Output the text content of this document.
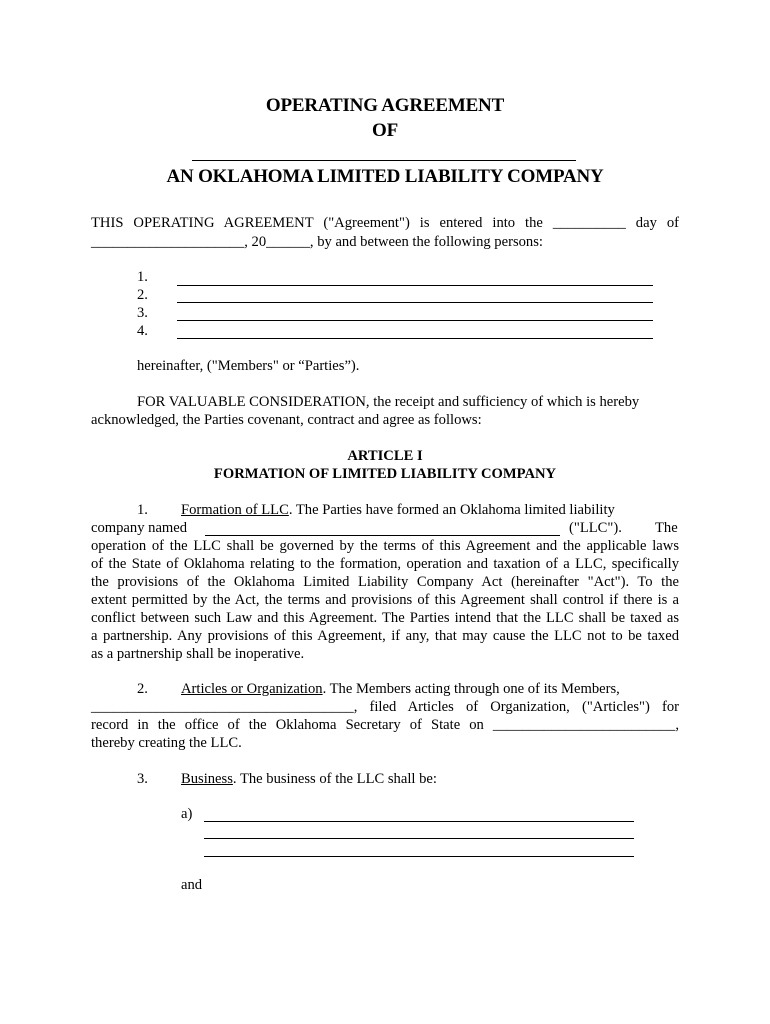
OPERATING AGREEMENT
OF
AN OKLAHOMA LIMITED LIABILITY COMPANY
THIS OPERATING AGREEMENT ("Agreement") is entered into the __________ day of
_____________________, 20______, by and between the following persons:
1.
2.
3.
4.
hereinafter, ("Members" or “Parties”).
FOR VALUABLE CONSIDERATION, the receipt and sufficiency of which is hereby
acknowledged, the Parties covenant, contract and agree as follows:
ARTICLE I
FORMATION OF LIMITED LIABILITY COMPANY
1. Formation of LLC. The Parties have formed an Oklahoma limited liability
company named	("LLC"). The
operation of the LLC shall be governed by the terms of this Agreement and the applicable laws
of the State of Oklahoma relating to the formation, operation and taxation of a LLC, specifically
the provisions of the Oklahoma Limited Liability Company Act (hereinafter "Act"). To the
extent permitted by the Act, the terms and provisions of this Agreement shall control if there is a
conflict between such Law and this Agreement. The Parties intend that the LLC shall be taxed as
a partnership. Any provisions of this Agreement, if any, that may cause the LLC not to be taxed
as a partnership shall be inoperative.
2. Articles or Organization. The Members acting through one of its Members,
____________________________________, filed Articles of Organization, ("Articles") for
record in the office of the Oklahoma Secretary of State on _________________________,
thereby creating the LLC.
3. Business. The business of the LLC shall be:
a)
and
